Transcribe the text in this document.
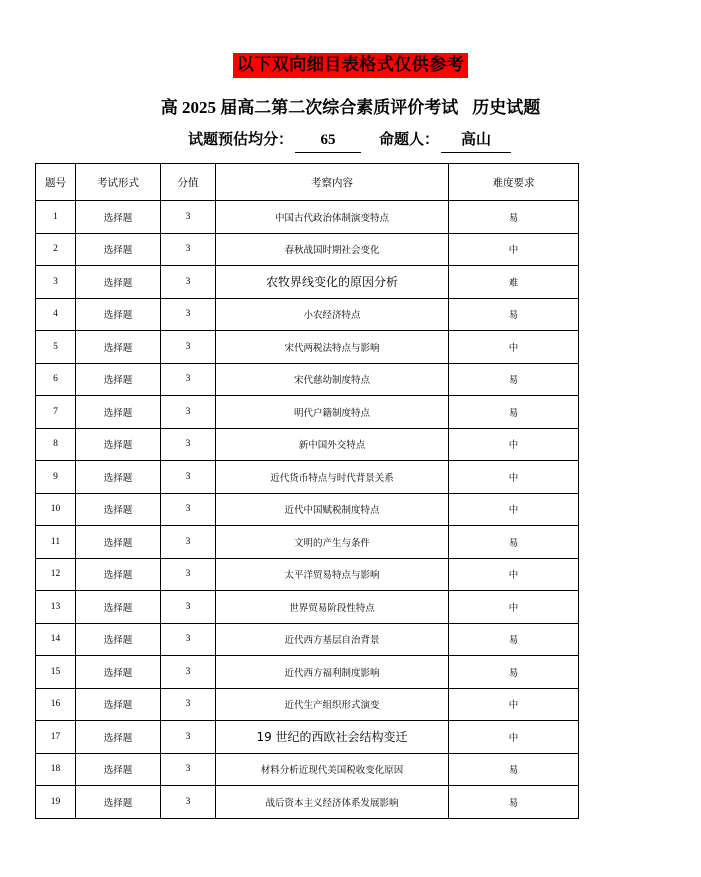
以下双向细目表格式仅供参考
高 2025 届高二第二次综合素质评价考试 历史试题
试题预估均分： 65	命题人： 高山
题号	考试形式	分值	考察内容	难度要求
1	选择题	3	中国古代政治体制演变特点	易
2	选择题	3	春秋战国时期社会变化	中
3	选择题	3	农牧界线变化的原因分析	难
4	选择题	3	小农经济特点	易
5	选择题	3	宋代两税法特点与影响	中
6	选择题	3	宋代慈幼制度特点	易
7	选择题	3	明代户籍制度特点	易
8	选择题	3	新中国外交特点	中
9	选择题	3	近代货币特点与时代背景关系	中
10	选择题	3	近代中国赋税制度特点	中
11	选择题	3	文明的产生与条件	易
12	选择题	3	太平洋贸易特点与影响	中
13	选择题	3	世界贸易阶段性特点	中
14	选择题	3	近代西方基层自治背景	易
15	选择题	3	近代西方福利制度影响	易
16	选择题	3	近代生产组织形式演变	中
17	选择题	3	19 世纪的西欧社会结构变迁	中
18	选择题	3	材料分析近现代美国税收变化原因	易
19	选择题	3	战后资本主义经济体系发展影响	易
